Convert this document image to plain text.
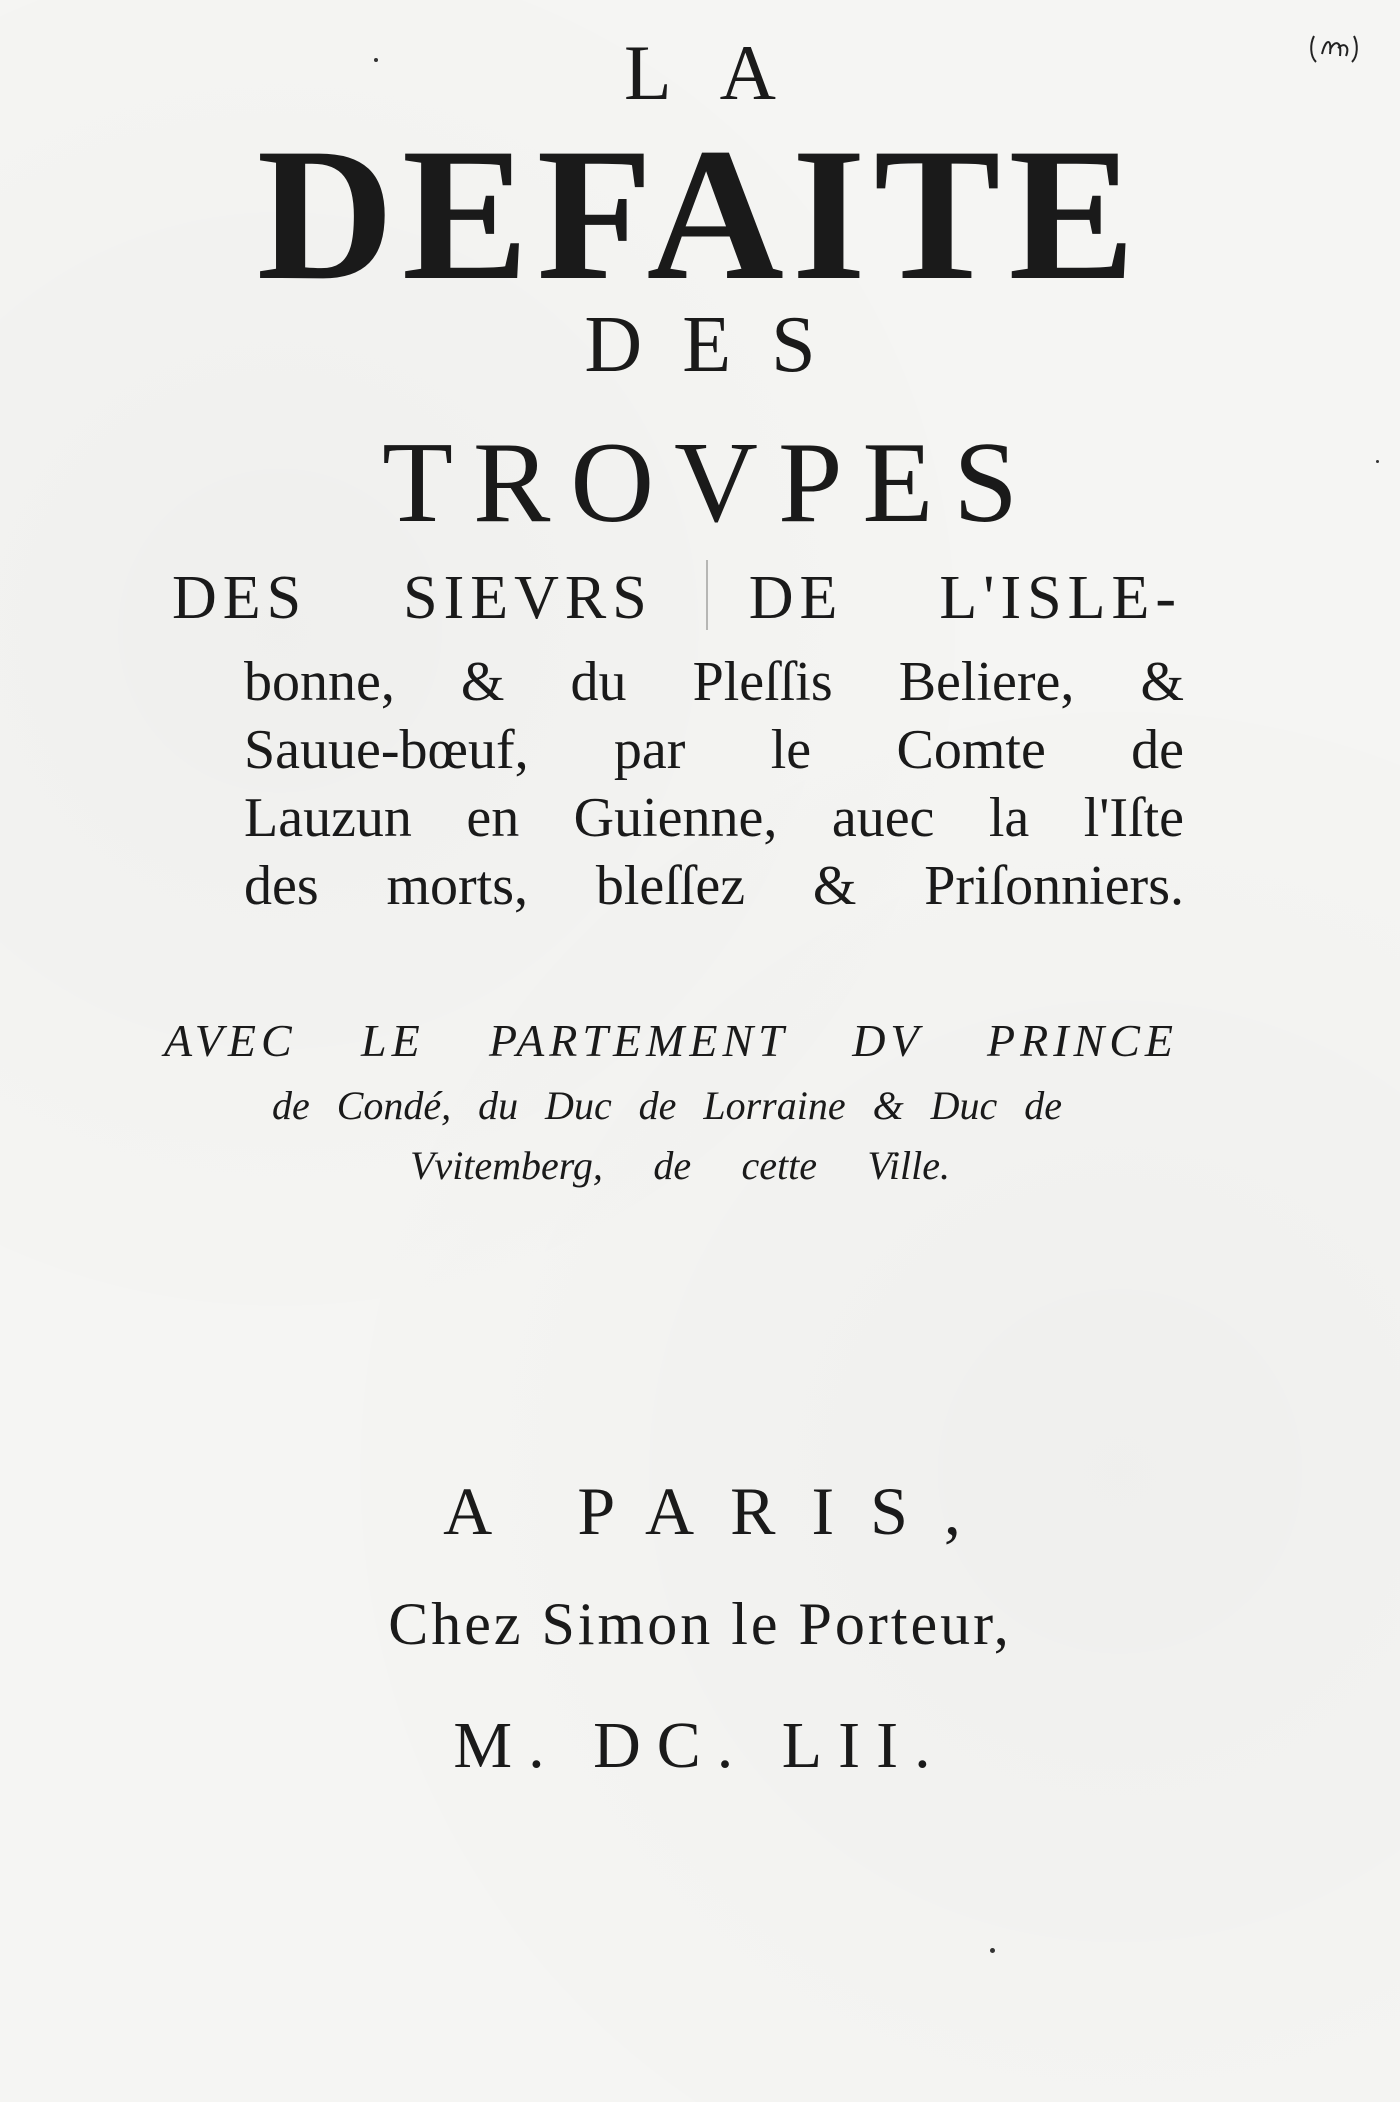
LA
DEFAITE
DES
TROVPES
DES SIEVRS DE L'ISLE-
bonne, & du Pleſſis Beliere, &
Sauue-bœuf, par le Comte de
Lauzun en Guienne, auec la l'Iſte
des morts, bleſſez & Priſonniers.
AVEC LE PARTEMENT DV PRINCE
de Condé, du Duc de Lorraine & Duc de
Vvitemberg, de cette Ville.
A PARIS,
Chez Simon le Porteur,
M. DC. LII.
